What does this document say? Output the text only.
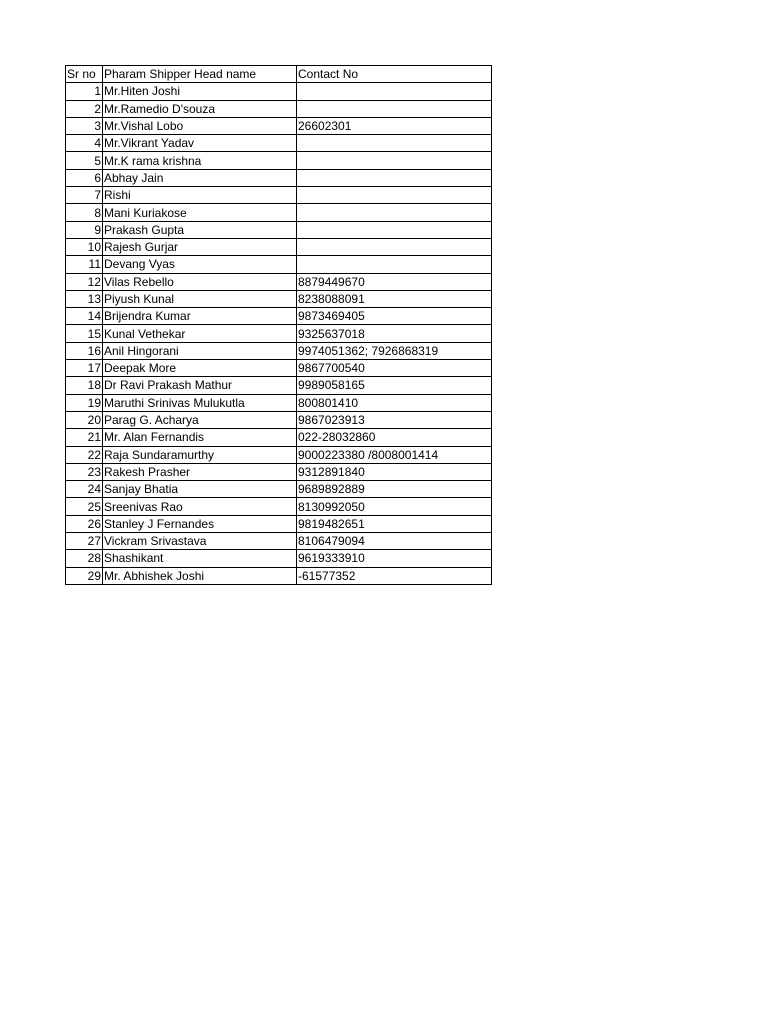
Sr no	Pharam Shipper Head name	Contact No
1	Mr.Hiten Joshi	
2	Mr.Ramedio D'souza	
3	Mr.Vishal Lobo	26602301
4	Mr.Vikrant Yadav	
5	Mr.K rama krishna	
6	Abhay Jain	
7	Rishi	
8	Mani Kuriakose	
9	Prakash Gupta	
10	Rajesh Gurjar	
11	Devang Vyas	
12	Vilas Rebello	8879449670
13	Piyush Kunal	8238088091
14	Brijendra Kumar	9873469405
15	Kunal Vethekar	9325637018
16	Anil Hingorani	9974051362; 7926868319
17	Deepak More	9867700540
18	Dr Ravi Prakash Mathur	9989058165
19	Maruthi Srinivas Mulukutla	800801410
20	Parag G. Acharya	9867023913
21	Mr. Alan Fernandis	022-28032860
22	Raja Sundaramurthy	9000223380 /8008001414
23	Rakesh Prasher	9312891840
24	Sanjay Bhatia	9689892889
25	Sreenivas Rao	8130992050
26	Stanley J Fernandes	9819482651
27	Vickram Srivastava	8106479094
28	Shashikant	9619333910
29	Mr. Abhishek Joshi	-61577352
